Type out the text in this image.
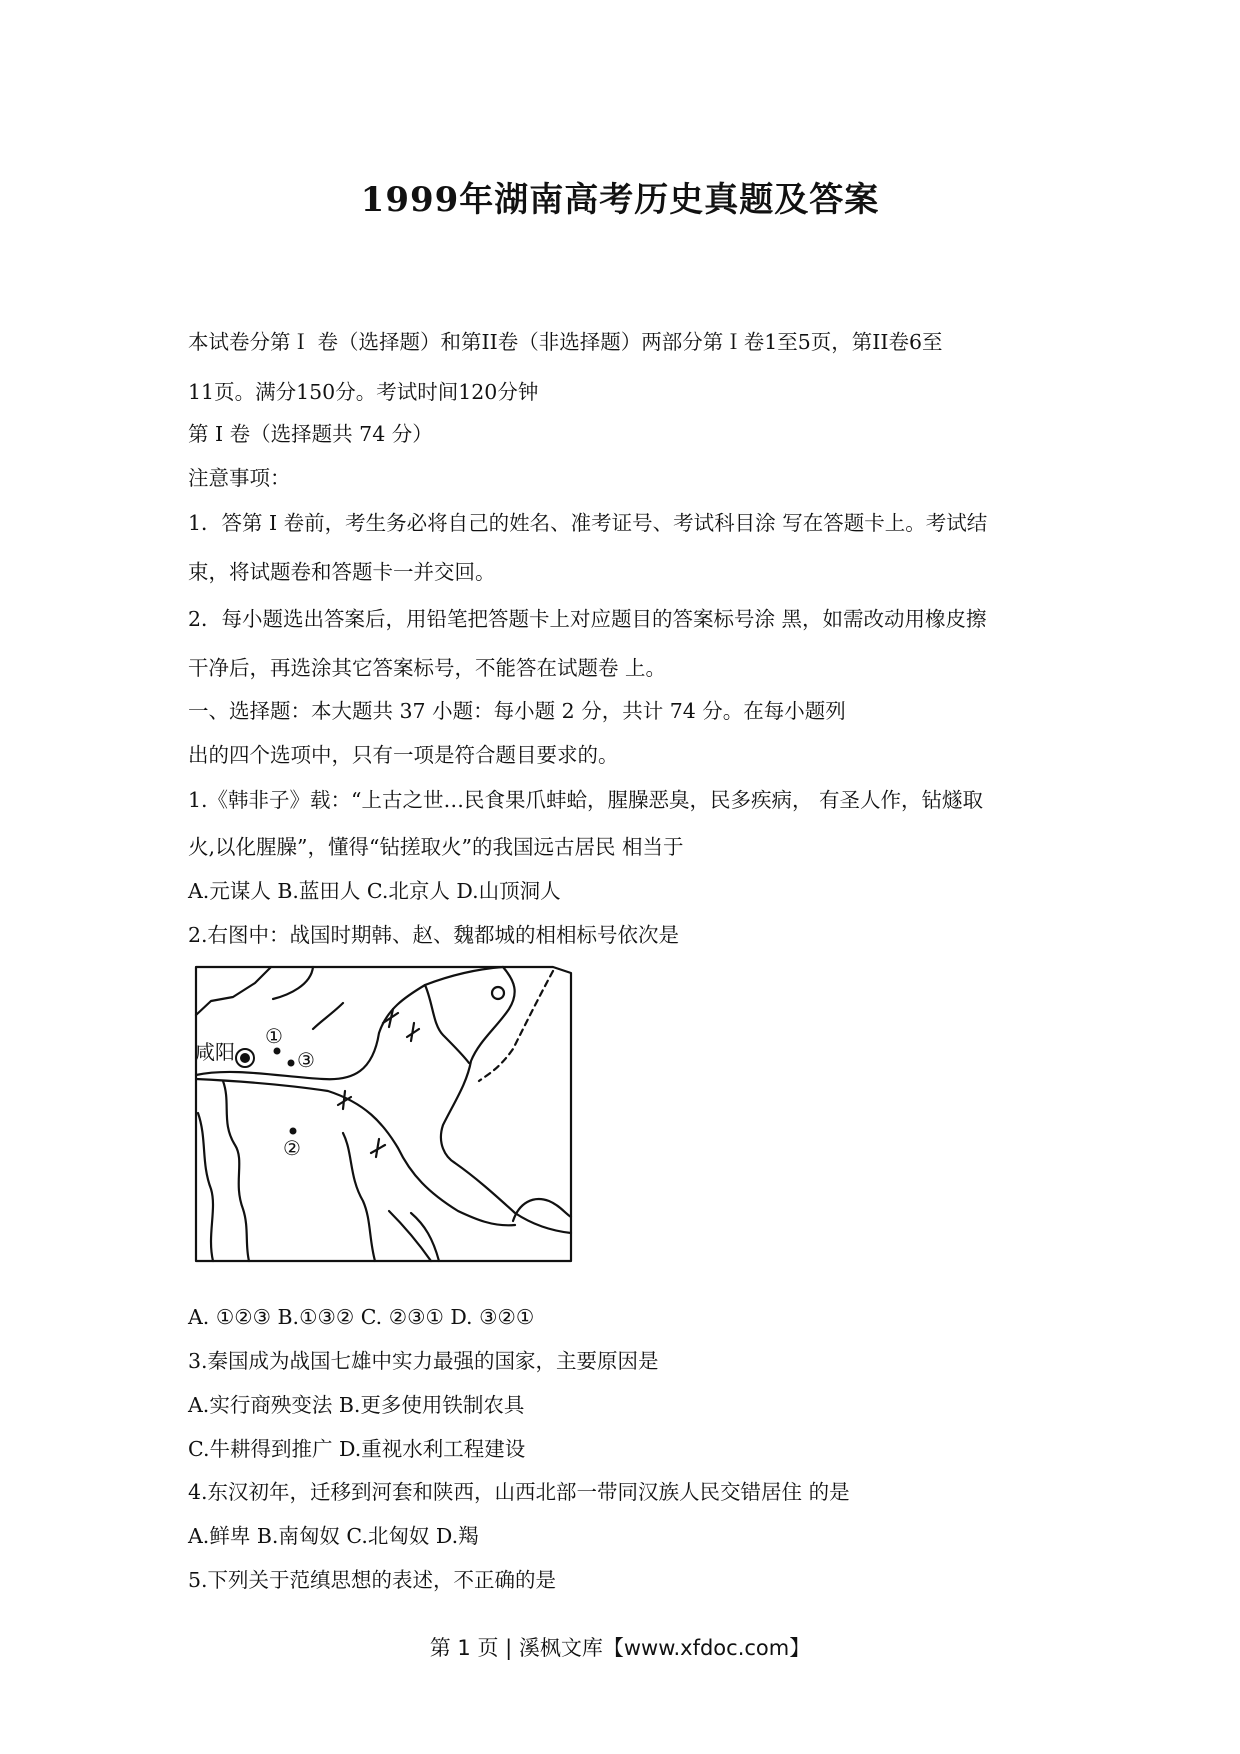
1999年湖南高考历史真题及答案
本试卷分第Ｉ 卷（选择题）和第II卷（非选择题）两部分第Ｉ卷1至5页，第II卷6至
11页。满分150分。考试时间120分钟
第 I 卷（选择题共 74 分）
注意事项：
1．答第 I 卷前，考生务必将自己的姓名、准考证号、考试科目涂 写在答题卡上。考试结
束，将试题卷和答题卡一并交回。
2．每小题选出答案后，用铅笔把答题卡上对应题目的答案标号涂 黑，如需改动用橡皮擦
干净后，再选涂其它答案标号，不能答在试题卷 上。
一、选择题：本大题共 37 小题：每小题 2 分，共计 74 分。在每小题列
出的四个选项中，只有一项是符合题目要求的。
1.《韩非子》载：“上古之世…民食果爪蚌蛤，腥臊恶臭，民多疾病， 有圣人作，钻燧取
火,以化腥臊”，懂得“钻搓取火”的我国远古居民 相当于
A.元谋人 B.蓝田人 C.北京人 D.山顶洞人
2.右图中：战国时期韩、赵、魏都城的相相标号依次是
咸阳
①
③
②
A. ①②③ B.①③② C. ②③① D. ③②①
3.秦国成为战国七雄中实力最强的国家，主要原因是
A.实行商殃变法 B.更多使用铁制农具
C.牛耕得到推广 D.重视水利工程建设
4.东汉初年，迁移到河套和陕西，山西北部一带同汉族人民交错居住 的是
A.鲜卑 B.南匈奴 C.北匈奴 D.羯
5.下列关于范缜思想的表述，不正确的是
第 1 页 | 溪枫文库【www.xfdoc.com】
